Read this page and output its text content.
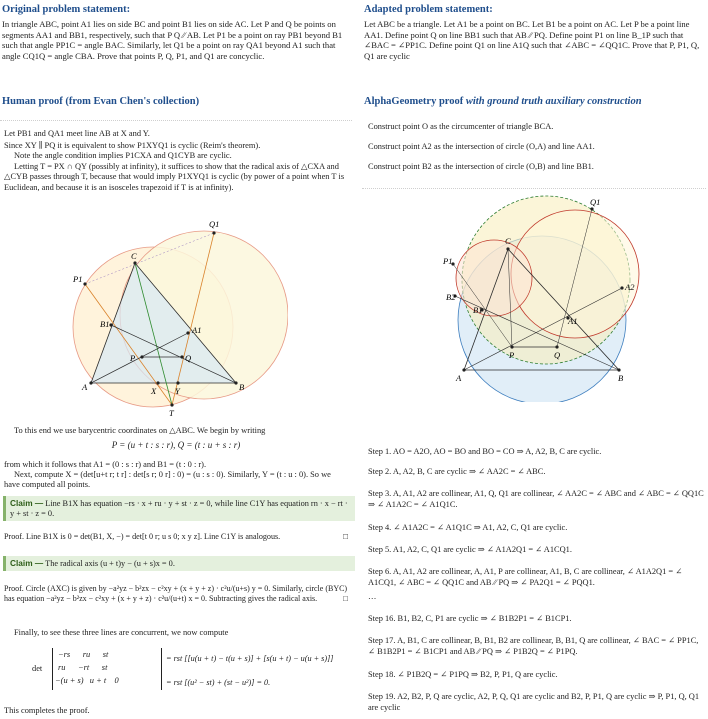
Original problem statement:
In triangle ABC, point A1 lies on side BC and point B1 lies on side AC. Let P and Q be points on segments AA1 and BB1, respectively, such that P Q ∕∕ AB. Let P1 be a point on ray PB1 beyond B1 such that angle PP1C = angle BAC. Similarly, let Q1 be a point on ray QA1 beyond A1 such that angle CQ1Q = angle CBA. Prove that points P, Q, P1, and Q1 are concyclic.
Human proof (from Evan Chen's collection)
Let PB1 and QA1 meet line AB at X and Y.
Since XY ∥ PQ it is equivalent to show P1XYQ1 is cyclic (Reim's theorem).
Note the angle condition implies P1CXA and Q1CYB are cyclic.
Letting T = PX ∩ QY (possibly at infinity), it suffices to show that the radical axis of △CXA and △CYB passes through T, because that would imply P1XYQ1 is cyclic (by power of a point when T is Euclidean, and because it is an isosceles trapezoid if T is at infinity).
Q1
C
P1
B1
A1
P	Q
A	X Y	B
T
To this end we use barycentric coordinates on △ABC. We begin by writing
P = (u + t : s : r), Q = (t : u + s : r)
from which it follows that A1 = (0 : s : r) and B1 = (t : 0 : r).
Next, compute X = (det[u+t r; t r] : det[s r; 0 r] : 0) = (u : s : 0). Similarly, Y = (t : u : 0). So we have computed all points.
Claim — Line B1X has equation −rs · x + ru · y + st · z = 0, while line C1Y has equation rn · x − rt · y + st · z = 0.
Proof. Line B1X is 0 = det(B1, X, −) = det[t 0 r; u s 0; x y z]. Line C1Y is analogous.	□
Claim — The radical axis (u + t)y − (u + s)x = 0.
Proof. Circle (AXC) is given by −a²yz − b²zx − c²xy + (x + y + z) · c²u/(u+s) y = 0. Similarly, circle (BYC) has equation −a²yz − b²zx − c²xy + (x + y + z) · c²u/(u+t) x = 0. Subtracting gives the radical axis.	□
Finally, to see these three lines are concurrent, we now compute
det
−rs      ru      st
ru      −rt      st
−(u + s)   u + t    0
= rst [[u(u + t) − t(u + s)] + [s(u + t) − u(u + s)]]
= rst [(u² − st) + (st − u²)] = 0.
This completes the proof.
Adapted problem statement:
Let ABC be a triangle. Let A1 be a point on BC. Let B1 be a point on AC. Let P be a point line AA1. Define point Q on line BB1 such that AB ∕∕ PQ. Define point P1 on line B_1P such that ∠BAC = ∠PP1C. Define point Q1 on line A1Q such that ∠ABC = ∠QQ1C. Prove that P, P1, Q, Q1 are cyclic
AlphaGeometry proof with ground truth auxiliary construction
Construct point O as the circumcenter of triangle BCA.
Construct point A2 as the intersection of circle (O,A) and line AA1.
Construct point B2 as the intersection of circle (O,B) and line BB1.
Q1
C
P1
B2
B1
A2
A1
P	Q
A	B
Step 1. AO = A2O, AO = BO and BO = CO ⇒ A, A2, B, C are cyclic.
Step 2. A, A2, B, C are cyclic ⇒ ∠ AA2C = ∠ ABC.
Step 3. A, A1, A2 are collinear, A1, Q, Q1 are collinear, ∠ AA2C = ∠ ABC and ∠ ABC = ∠ QQ1C ⇒ ∠ A1A2C = ∠ A1Q1C.
Step 4. ∠ A1A2C = ∠ A1Q1C ⇒ A1, A2, C, Q1 are cyclic.
Step 5. A1, A2, C, Q1 are cyclic ⇒ ∠ A1A2Q1 = ∠ A1CQ1.
Step 6. A, A1, A2 are collinear, A, A1, P are collinear, A1, B, C are collinear, ∠ A1A2Q1 = ∠ A1CQ1, ∠ ABC = ∠ QQ1C and AB ∕∕ PQ ⇒ ∠ PA2Q1 = ∠ PQQ1.
…
Step 16. B1, B2, C, P1 are cyclic ⇒ ∠ B1B2P1 = ∠ B1CP1.
Step 17. A, B1, C are collinear, B, B1, B2 are collinear, B, B1, Q are collinear, ∠ BAC = ∠ PP1C, ∠ B1B2P1 = ∠ B1CP1 and AB ∕∕ PQ ⇒ ∠ P1B2Q = ∠ P1PQ.
Step 18. ∠ P1B2Q = ∠ P1PQ ⇒ B2, P, P1, Q are cyclic.
Step 19. A2, B2, P, Q are cyclic, A2, P, Q, Q1 are cyclic and B2, P, P1, Q are cyclic ⇒ P, P1, Q, Q1 are cyclic
